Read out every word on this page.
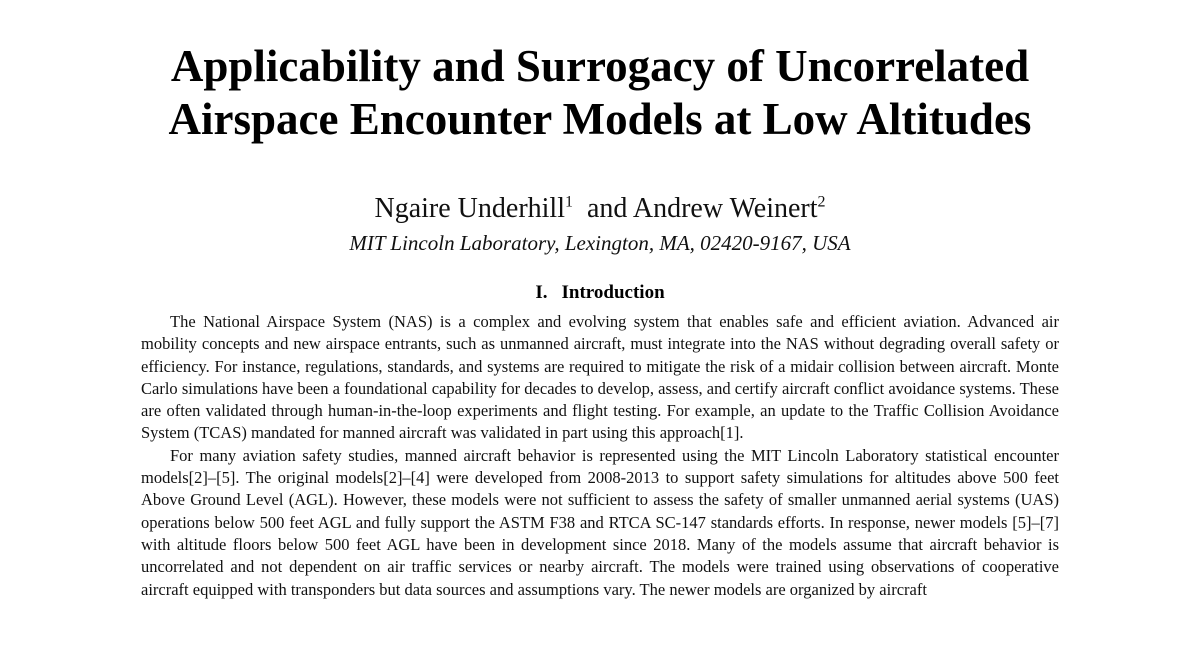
Applicability and Surrogacy of Uncorrelated
Airspace Encounter Models at Low Altitudes
Ngaire Underhill$^1$ and Andrew Weinert$^2$
MIT Lincoln Laboratory, Lexington, MA, 02420-9167, USA
I. Introduction

The National Airspace System (NAS) is a complex and evolving system that enables safe and efficient aviation. Advanced air mobility concepts and new airspace entrants, such as unmanned aircraft, must integrate into the NAS without degrading overall safety or efficiency. For instance, regulations, standards, and systems are required to mitigate the risk of a midair collision between aircraft. Monte Carlo simulations have been a foundational capability for decades to develop, assess, and certify aircraft conflict avoidance systems. These are often validated through human-in-the-loop experiments and flight testing. For example, an update to the Traffic Collision Avoidance System (TCAS) mandated for manned aircraft was validated in part using this approach[1].

For many aviation safety studies, manned aircraft behavior is represented using the MIT Lincoln Laboratory statistical encounter models[2]–[5]. The original models[2]–[4] were developed from 2008-2013 to support safety simulations for altitudes above 500 feet Above Ground Level (AGL). However, these models were not sufficient to assess the safety of smaller unmanned aerial systems (UAS) operations below 500 feet AGL and fully support the ASTM F38 and RTCA SC-147 standards efforts. In response, newer models [5]–[7] with altitude floors below 500 feet AGL have been in development since 2018. Many of the models assume that aircraft behavior is uncorrelated and not dependent on air traffic services or nearby aircraft. The models were trained using observations of cooperative aircraft equipped with transponders but data sources and assumptions vary. The newer models are organized by aircraft
